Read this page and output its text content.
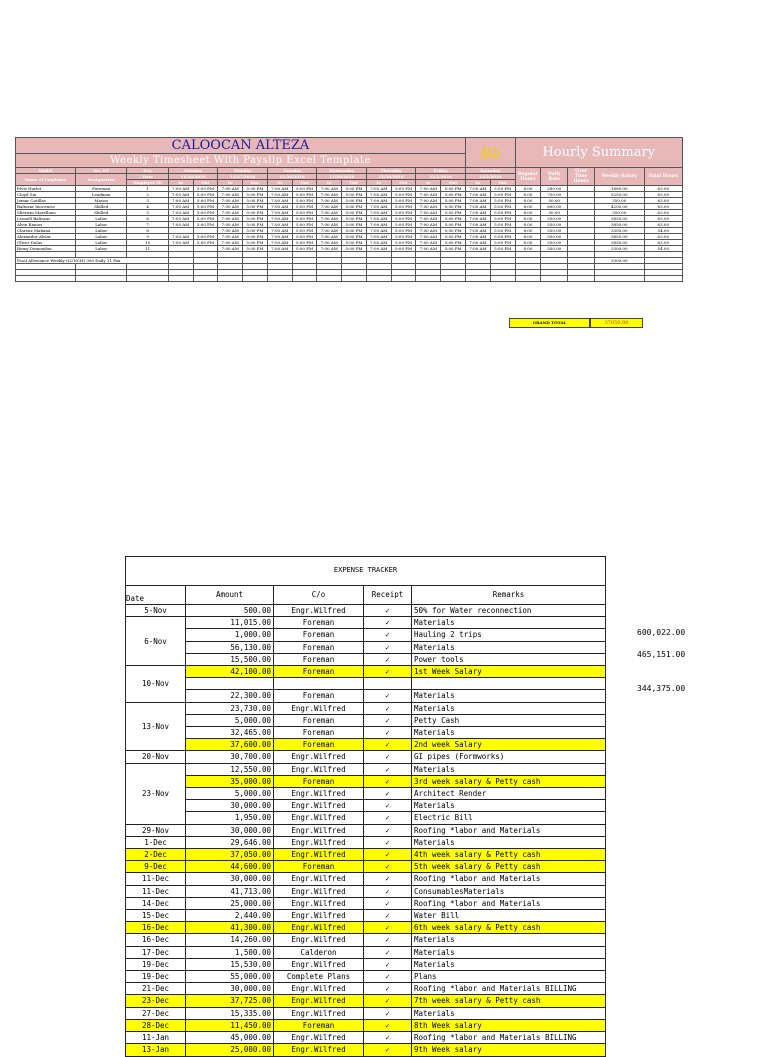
CALOOCAN ALTEZA															4th		Hourly Summary				
Weekly Timesheet With Payslip Excel Template																					
Model	No. OT	Day	Monday		Monday		Tuesday		Wednesday		Thursday		Friday		Saturday		Regular Hours	Daily Rate	Over Time Hours	Weekly Salary	Total Hours
Name of Employee	Designation	Date	11/26/2016		11/27/2016		11/28/2016		11/29/2016		11/30/2016		12/1/2016		12/2/2016						
		Employee ID	In	Out	In	Out	In	Out	In	Out	In	Out	In	Out	In	Out					
Elvis Hurlet	Foreman	1	7:00 AM	5:00 PM	7:00 AM	5:00 PM	7:00 AM	5:00 PM	7:00 AM	5:00 PM	7:00 AM	5:00 PM	7:00 AM	5:00 PM	7:00 AM	5:00 PM	8.00	280.00		1680.00	63.00
Cloyd Sia	Leadman	2	7:00 AM	5:00 PM	7:00 AM	5:00 PM	7:00 AM	5:00 PM	7:00 AM	5:00 PM	7:00 AM	5:00 PM	7:00 AM	5:00 PM	7:00 AM	5:00 PM	8.00	750.00		5250.00	63.00
Jemar Cutillas	Mason	3	7:00 AM	5:00 PM	7:00 AM	5:00 PM	7:00 AM	5:00 PM	7:00 AM	5:00 PM	7:00 AM	5:00 PM	7:00 AM	5:00 PM	7:00 AM	5:00 PM	8.00	50.00		350.00	63.00
Baltazar Inocencio	Skilled	4	7:00 AM	5:00 PM	7:00 AM	5:00 PM	7:00 AM	5:00 PM	7:00 AM	5:00 PM	7:00 AM	5:00 PM	7:00 AM	5:00 PM	7:00 AM	5:00 PM	8.00	600.00		4200.00	63.00
Sherwin Marellano	Skilled	5	7:00 AM	5:00 PM	7:00 AM	5:00 PM	7:00 AM	5:00 PM	7:00 AM	5:00 PM	7:00 AM	5:00 PM	7:00 AM	5:00 PM	7:00 AM	5:00 PM	8.00	50.00		350.00	63.00
Leonell Baltazar	Labor	6	7:00 AM	5:00 PM	7:00 AM	5:00 PM	7:00 AM	5:00 PM	7:00 AM	5:00 PM	7:00 AM	5:00 PM	7:00 AM	5:00 PM	7:00 AM	5:00 PM	8.00	550.00		3850.00	63.00
Alvin Ramos	Labor	7	7:00 AM	5:00 PM	7:00 AM	5:00 PM	7:00 AM	5:00 PM	7:00 AM	5:00 PM	7:00 AM	5:00 PM	7:00 AM	5:00 PM	7:00 AM	5:00 PM	8.00	550.00		3850.00	63.00
Clarenz Mabana	Labor	8			7:00 AM	5:00 PM	7:00 AM	5:00 PM	7:00 AM	5:00 PM	7:00 AM	5:00 PM	7:00 AM	5:00 PM	7:00 AM	5:00 PM	8.00	550.00		3300.00	54.00
Alexander Alviar	Labor	9	7:00 AM	5:00 PM	7:00 AM	5:00 PM	7:00 AM	5:00 PM	7:00 AM	5:00 PM	7:00 AM	5:00 PM	7:00 AM	5:00 PM	7:00 AM	5:00 PM	8.00	550.00		3850.00	63.00
Oliver Dulas	Labor	10	7:00 AM	5:00 PM	7:00 AM	5:00 PM	7:00 AM	5:00 PM	7:00 AM	5:00 PM	7:00 AM	5:00 PM	7:00 AM	5:00 PM	7:00 AM	5:00 PM	8.00	550.00		3850.00	63.00
Romy Domondon	Labor	11			7:00 AM	5:00 PM	7:00 AM	5:00 PM	7:00 AM	5:00 PM	7:00 AM	5:00 PM	7:00 AM	5:00 PM	7:00 AM	5:00 PM	8.00	550.00		3300.00	54.00

Food Allowance Weekly (LUNCH) 300 Daily 11 Pax																				3300.00	

GRAND TOTAL	37050.00
EXPENSE TRACKER				
Date	Amount	C/o	Receipt	Remarks
5-Nov	500.00	Engr.Wilfred	✓	50% for Water reconnection
6-Nov	11,015.00	Foreman	✓	Materials
	1,000.00	Foreman	✓	Hauling 2 trips
	56,130.00	Foreman	✓	Materials
	15,500.00	Foreman	✓	Power tools
10-Nov	42,100.00	Foreman	✓	1st Week Salary

	22,300.00	Foreman	✓	Materials
13-Nov	23,730.00	Engr.Wilfred	✓	Materials
	5,000.00	Foreman	✓	Petty Cash
	32,465.00	Foreman	✓	Materials
	37,600.00	Foreman	✓	2nd week Salary
20-Nov	30,700.00	Engr.Wilfred	✓	GI pipes (Formworks)
23-Nov	12,550.00	Engr.Wilfred	✓	Materials
	35,000.00	Foreman	✓	3rd week salary & Petty cash
	5,000.00	Engr.Wilfred	✓	Architect Render
	30,000.00	Engr.Wilfred	✓	Materials
	1,950.00	Engr.Wilfred	✓	Electric Bill
29-Nov	30,000.00	Engr.Wilfred	✓	Roofing *labor and Materials
1-Dec	29,646.00	Engr.Wilfred	✓	Materials
2-Dec	37,050.00	Engr.Wilfred	✓	4th week salary & Petty cash
9-Dec	44,600.00	Foreman	✓	5th week salary & Petty cash
11-Dec	30,000.00	Engr.Wilfred	✓	Roofing *labor and Materials
11-Dec	41,713.00	Engr.Wilfred	✓	ConsumablesMaterials
14-Dec	25,000.00	Engr.Wilfred	✓	Roofing *labor and Materials
15-Dec	2,440.00	Engr.Wilfred	✓	Water Bill
16-Dec	41,300.00	Engr.Wilfred	✓	6th week salary & Petty cash
16-Dec	14,260.00	Engr.Wilfred	✓	Materials
17-Dec	1,500.00	Calderon	✓	Materials
19-Dec	15,530.00	Engr.Wilfred	✓	Materials
19-Dec	55,000.00	Complete Plans	✓	Plans
21-Dec	30,000.00	Engr.Wilfred	✓	Roofing *labor and Materials BILLING
23-Dec	37,725.00	Engr.Wilfred	✓	7th week salary & Petty cash
27-Dec	15,335.00	Engr.Wilfred	✓	Materials
28-Dec	11,450.00	Foreman	✓	8th Week salary
11-Jan	45,000.00	Engr.Wilfred	✓	Roofing *labor and Materials BILLING
13-Jan	25,000.00	Engr.Wilfred	✓	9th Week salary
600,022.00
465,151.00
344,375.00
